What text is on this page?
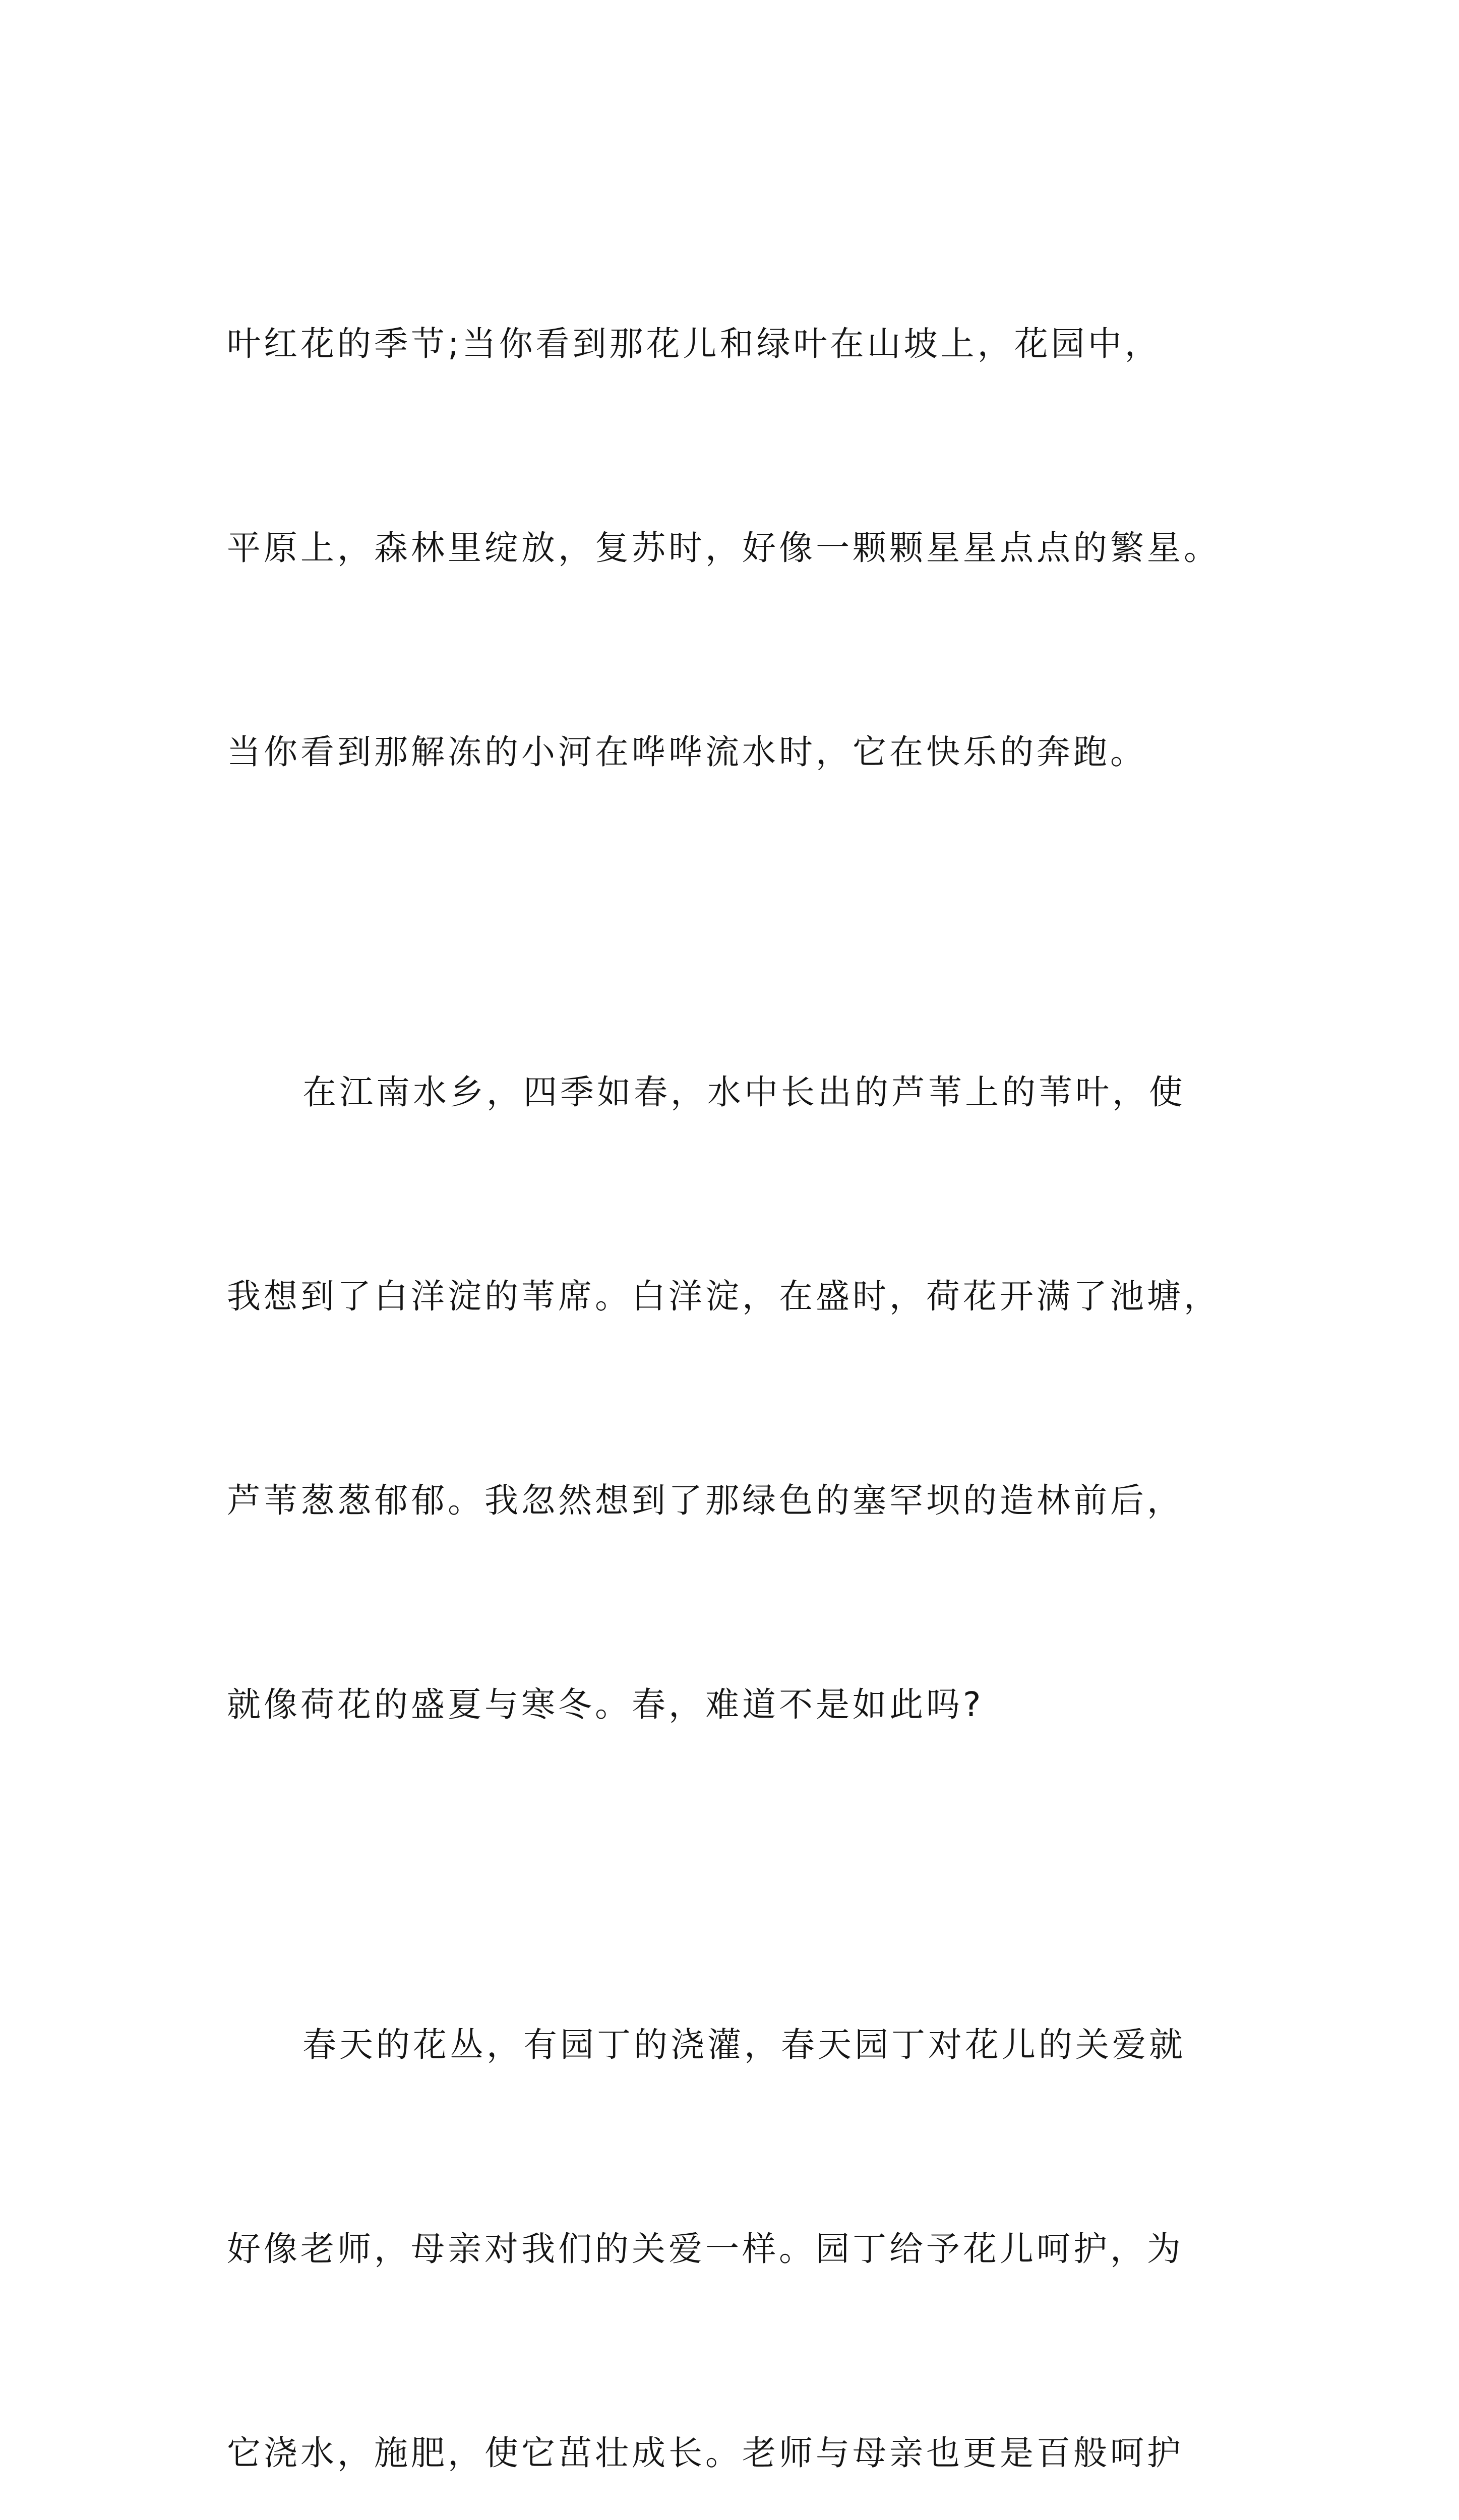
叶红花的季节;当你看到那花儿和绿叶在山坡上，花园中，

平原上，森林里绽放，复苏时，好像一颗颗星星点点的繁星。

当你看到那解冻的小河在哗哗流水时，它在快乐的奔跑。

在江南水乡，四季如春，水中长出的芦苇上的苇叶，使

我想到了白洋淀的苇席。白洋淀，在盛时，荷花开满了池塘，

芦苇葱葱郁郁。我忽然想到了那绿色的塞罕坝的造林前后，

就像荷花的盛夏与寒冬。春，难道不是如此吗?

春天的花丛，有园丁的浇灌，春天园丁对花儿的关爱就

好像老师，母亲对我们的关爱一样。园丁给予花儿呵护，为

它浇水，施肥，使它茁壮成长。老师与母亲也更是百般呵护
